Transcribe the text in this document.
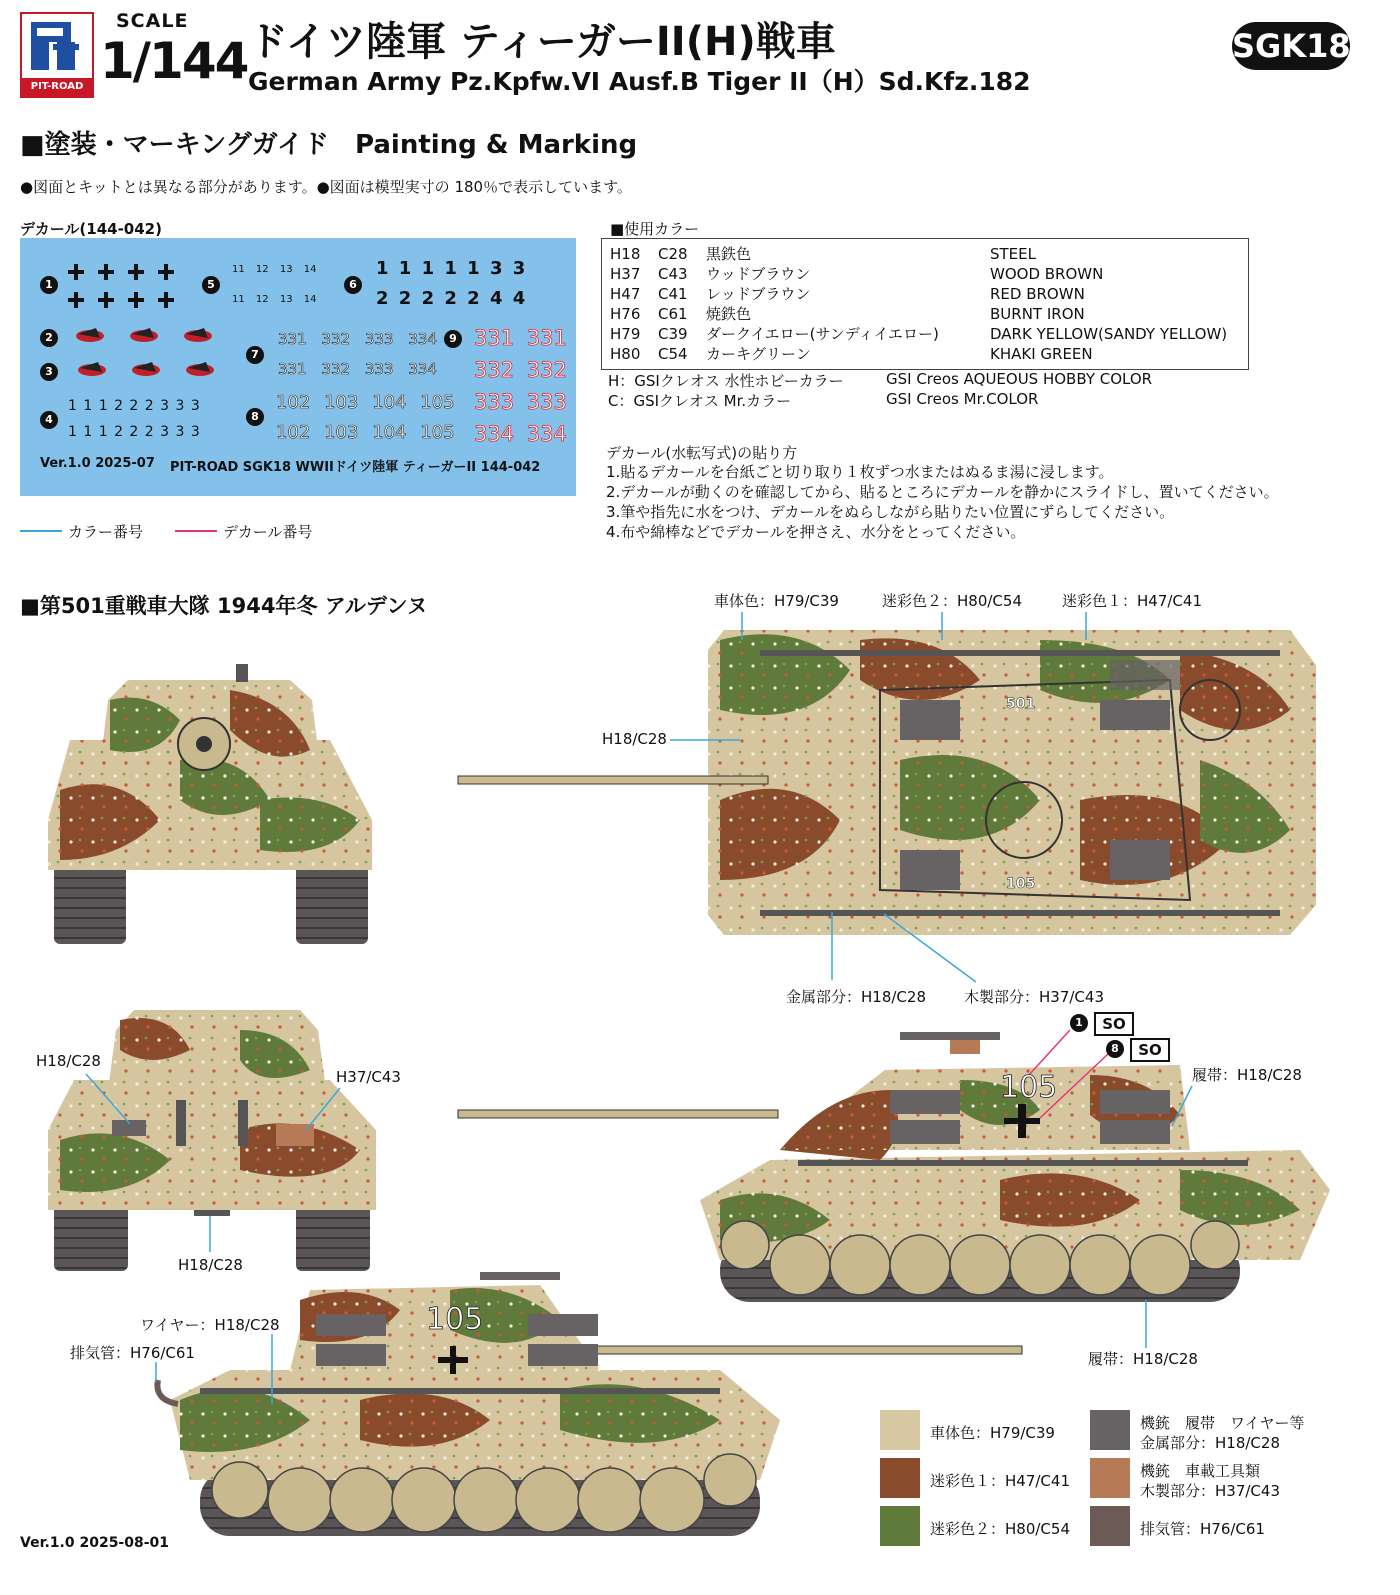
PIT-ROAD
SCALE
1/144 ドイツ陸軍 ティーガーII(H)戦車
German Army Pz.Kpfw.VI Ausf.B Tiger II（H）Sd.Kfz.182
SGK18
■塗装・マーキングガイド　Painting & Marking
●図面とキットとは異なる部分があります。●図面は模型実寸の 180％で表示しています。
デカール(144-042)
1
2
3
4
5	6
7
8
9
11 12 13 14
11 12 13 14
1 1 1 1 1 3 3
2 2 2 2 2 4 4
1 1 1 2 2 2 3 3 3
1 1 1 2 2 2 3 3 3
331 332 333 334
331 332 333 334
102 103 104 105
102 103 104 105
331 331
332 332
333 333
334 334
Ver.1.0 2025-07 PIT-ROAD SGK18 WWIIドイツ陸軍 ティーガーII 144-042
カラー番号	デカール番号
■使用カラー
H18 C28 黒鉄色	STEEL
H37 C43 ウッドブラウン	WOOD BROWN
H47 C41 レッドブラウン	RED BROWN
H76 C61 焼鉄色	BURNT IRON
H79 C39 ダークイエロー(サンディイエロー)	DARK YELLOW(SANDY YELLOW)
H80 C54 カーキグリーン	KHAKI GREEN
H：GSIクレオス 水性ホビーカラー	GSI Creos AQUEOUS HOBBY COLOR
C：GSIクレオス Mr.カラー	GSI Creos Mr.COLOR
デカール(水転写式)の貼り方
1.貼るデカールを台紙ごと切り取り１枚ずつ水またはぬるま湯に浸します。
2.デカールが動くのを確認してから、貼るところにデカールを静かにスライドし、置いてください。
3.筆や指先に水をつけ、デカールをぬらしながら貼りたい位置にずらしてください。
4.布や綿棒などでデカールを押さえ、水分をとってください。
■第501重戦車大隊 1944年冬 アルデンヌ
501
105
105
105
1	SO
8	SO
車体色：H79/C39	迷彩色２：H80/C54	迷彩色１：H47/C41
H18/C28
金属部分：H18/C28	木製部分：H37/C43
H18/C28
H37/C43
H18/C28
履帯：H18/C28
履帯：H18/C28
ワイヤー：H18/C28
排気管：H76/C61
車体色：H79/C39
迷彩色１：H47/C41
迷彩色２：H80/C54
機銃　履帯　ワイヤー等
金属部分：H18/C28
機銃　車載工具類
木製部分：H37/C43
排気管：H76/C61
Ver.1.0 2025-08-01
